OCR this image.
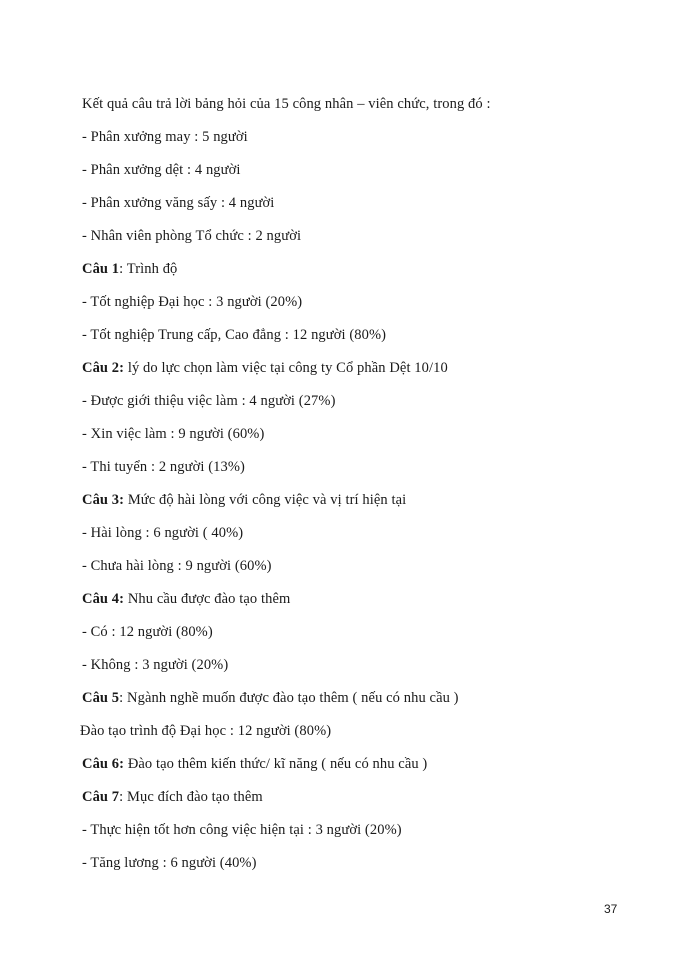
Kết quả câu trả lời bảng hỏi của 15 công nhân – viên chức, trong đó :
- Phân xưởng may : 5 người
- Phân xưởng dệt : 4 người
- Phân xưởng văng sấy : 4 người
- Nhân viên phòng Tổ chức : 2 người
Câu 1: Trình độ
- Tốt nghiệp Đại học : 3 người (20%)
- Tốt nghiệp Trung cấp, Cao đẳng : 12 người (80%)
Câu 2: lý do lực chọn làm việc tại công ty Cổ phần Dệt 10/10
- Được giới thiệu việc làm : 4 người (27%)
- Xin việc làm : 9 người (60%)
- Thi tuyển : 2 người (13%)
Câu 3: Mức độ hài lòng với công việc và vị trí hiện tại
- Hài lòng : 6 người ( 40%)
- Chưa hài lòng : 9 người (60%)
Câu 4: Nhu cầu được đào tạo thêm
- Có : 12 người (80%)
- Không : 3 người (20%)
Câu 5: Ngành nghề muốn được đào tạo thêm ( nếu có nhu cầu )
Đào tạo trình độ Đại học : 12 người (80%)
Câu 6: Đào tạo thêm kiến thức/ kĩ năng ( nếu có nhu cầu )
Câu 7: Mục đích đào tạo thêm
- Thực hiện tốt hơn công việc hiện tại : 3 người (20%)
- Tăng lương : 6 người (40%)
37
